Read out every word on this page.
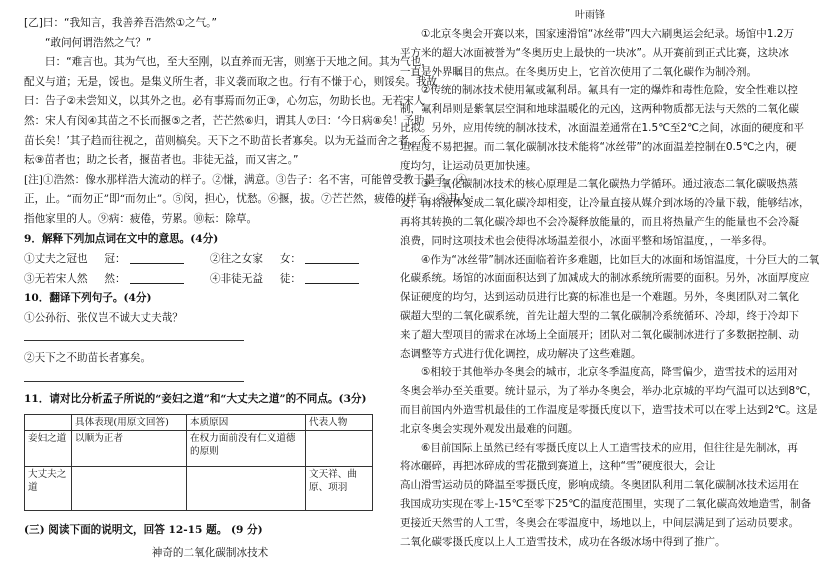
[乙]曰：“我知言，我善养吾浩然①之气。”
“敢问何谓浩然之气？”
曰：“难言也。其为气也，至大至刚，以直养而无害，则塞于天地之间。其为气也，
配义与道；无是，馁也。是集义所生者，非义袭而取之也。行有不慊于心，则馁矣。我故
曰：告子②未尝知义，以其外之也。必有事焉而勿正③，心勿忘，勿助长也。无若宋人
然：宋人有闵④其苗之不长而揠⑤之者，芒芒然⑥归，谓其人⑦曰：‘今日病⑧矣！予助
苗长矣！’其子趋而往视之，苗则槁矣。天下之不助苗长者寡矣。以为无益而舍之者，不
耘⑨苗者也；助之长者，揠苗者也。非徒无益，而又害之。”
[注]①浩然：像水那样浩大流动的样子。②慊，满意。③告子：名不害，可能曾受教于墨子。④
正，止。“而勿正”即“而勿止”。⑤闵，担心，忧愁。⑥揠，拔。⑦芒芒然，疲倦的样子。⑧其人：
指他家里的人。⑨病：疲倦，劳累。⑩耘：除草。
9．解释下列加点词在文中的意思。(4分)
①丈夫之冠也 冠：	②往之女家 女：
③无若宋人然 然：	④非徒无益 徒：
10．翻译下列句子。(4分)
①公孙衍、张仪岂不诚大丈夫哉？
②天下之不助苗长者寡矣。
11．请对比分析孟子所说的“妾妇之道”和“大丈夫之道”的不同点。(3分)
	具体表现(用原文回答)	本质原因	代表人物
妾妇之道	以顺为正者	在权力面前没有仁义道德的原则	
大丈夫之道			文天祥、曲原、项羽
(三) 阅读下面的说明文，回答 12-15 题。 (9 分)
神奇的二氧化碳制冰技术
叶雨锋
①北京冬奥会开赛以来，国家速滑馆“冰丝带”四大六刷奥运会纪录。场馆中1.2万
平方米的超大冰面被誉为“冬奥历史上最快的一块冰”。从开赛前到正式比赛，这块冰
一直是外界瞩目的焦点。在冬奥历史上，它首次使用了二氧化碳作为制冷剂。
②传统的制冰技术使用氟或氟利昂。氟具有一定的爆炸和毒性危险，安全性难以控
制，氟利昂则是紫氧层空洞和地球温暖化的元凶，这两种物质都无法与天然的二氧化碳
比拟。另外，应用传统的制冰技术，冰面温差通常在1.5℃至2℃之间，冰面的硬度和平
坦程度不易把握。而二氧化碳制冰技术能将“冰丝带”的冰面温差控制在0.5℃之内，硬
度均匀，让运动员更加快速。
③二氧化碳制冰技术的核心原理是二氧化碳热力学循环。通过液态二氧化碳吸热蒸
发，再将液体变成二氧化碳冷却相变，让冷量直接从媒介到冰场的冷量下载，能够结冰，
再将其转换的二氧化碳冷却也不会冷凝释放能量的，而且将热量产生的能量也不会冷凝
浪费，同时这项技术也会使得冰场温差很小，冰面平整和场馆温度，，一举多得。
④作为“冰丝带”制冰还面临着许多难题，比如巨大的冰面和场馆温度，十分巨大的二氧
化碳系统。场馆的冰面面积达到了加减成大的制冰系统所需要的面积。另外，冰面厚度应
保证硬度的均匀，达到运动员进行比赛的标准也是一个难题。另外，冬奥团队对二氧化
碳超大型的二氧化碳系统，首先让超大型的二氧化碳制冷系统循环、冷却，终于冷却下
来了超大型项目的需求在冰场上全面展开；团队对二氧化碳制冰进行了多数据控制、动
态调整等方式进行优化调控，成功解决了这些难题。
⑤相较于其他举办冬奥会的城市，北京冬季温度高，降雪偏少，造雪技术的运用对
冬奥会举办至关重要。统计显示，为了举办冬奥会，举办北京城的平均气温可以达到8℃，
而目前国内外造雪机最佳的工作温度是零摄氏度以下，造雪技术可以在零上达到2℃。这是
北京冬奥会实现外观发出最难的问题。
⑥目前国际上虽然已经有零摄氏度以上人工造雪技术的应用，但往往是先制冰，再
将冰碾碎，再把冰碎成的雪花撒到赛道上，这种“雪”硬度很大，会让
高山滑雪运动员的降温至零摄氏度，影响成绩。冬奥团队利用二氧化碳制冰技术运用在
我国成功实现在零上-15℃至零下25℃的温度范围里，实现了二氧化碳高效地造雪，制备
更接近天然雪的人工雪，冬奥会在零温度中，场地以上，中间层满足到了运动员要求。
二氧化碳零摄氏度以上人工造雪技术，成功在各级冰场中得到了推广。
